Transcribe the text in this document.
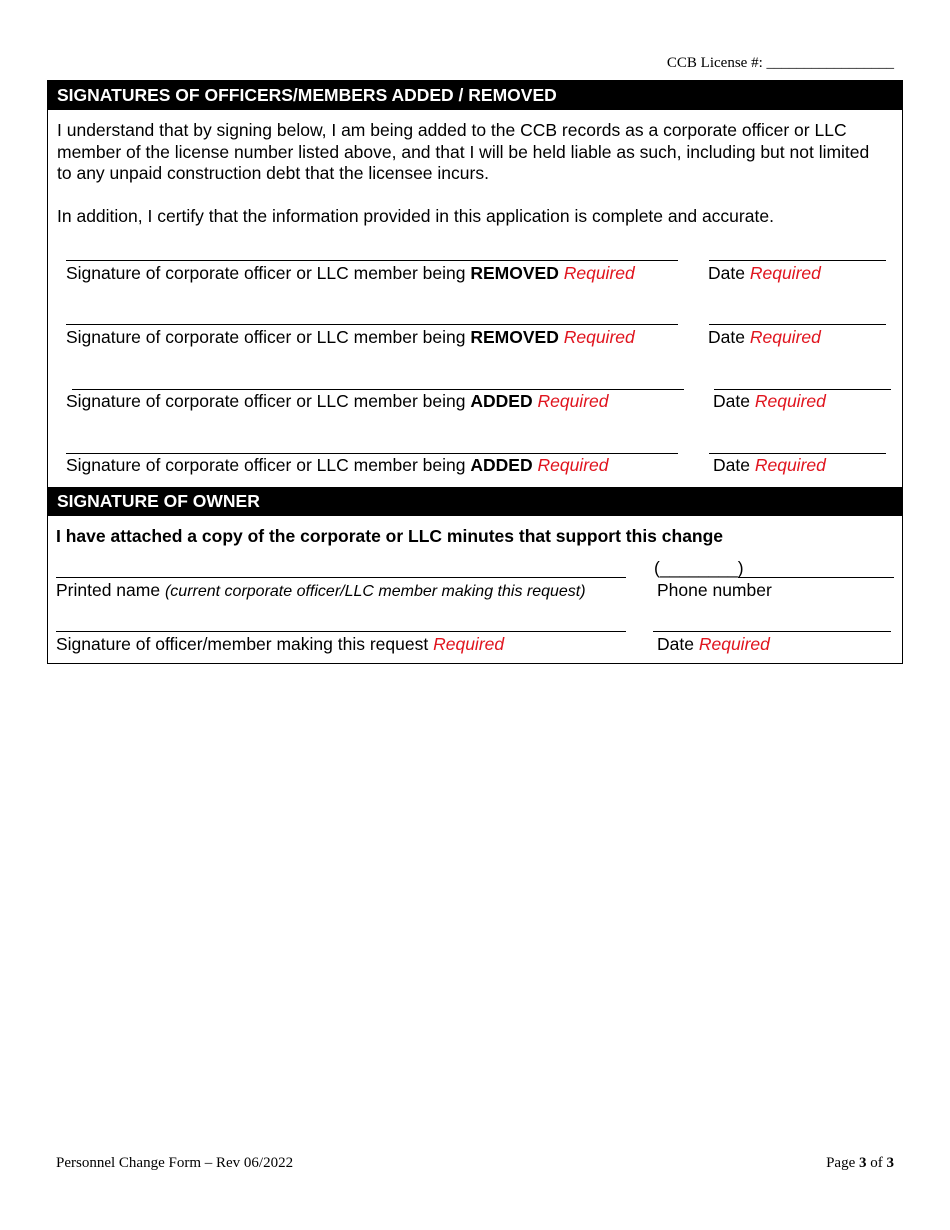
CCB License #: _________________
SIGNATURES OF OFFICERS/MEMBERS ADDED / REMOVED

I understand that by signing below, I am being added to the CCB records as a corporate officer or LLC member of the license number listed above, and that I will be held liable as such, including but not limited to any unpaid construction debt that the licensee incurs.

In addition, I certify that the information provided in this application is complete and accurate.

Signature of corporate officer or LLC member being REMOVED Required	Date Required
Signature of corporate officer or LLC member being REMOVED Required	Date Required
Signature of corporate officer or LLC member being ADDED Required	Date Required
Signature of corporate officer or LLC member being ADDED Required	Date Required
SIGNATURE OF OWNER
I have attached a copy of the corporate or LLC minutes that support this change
(________)
Printed name (current corporate officer/LLC member making this request)	Phone number
Signature of officer/member making this request Required	Date Required
Personnel Change Form – Rev 06/2022	Page 3 of 3
